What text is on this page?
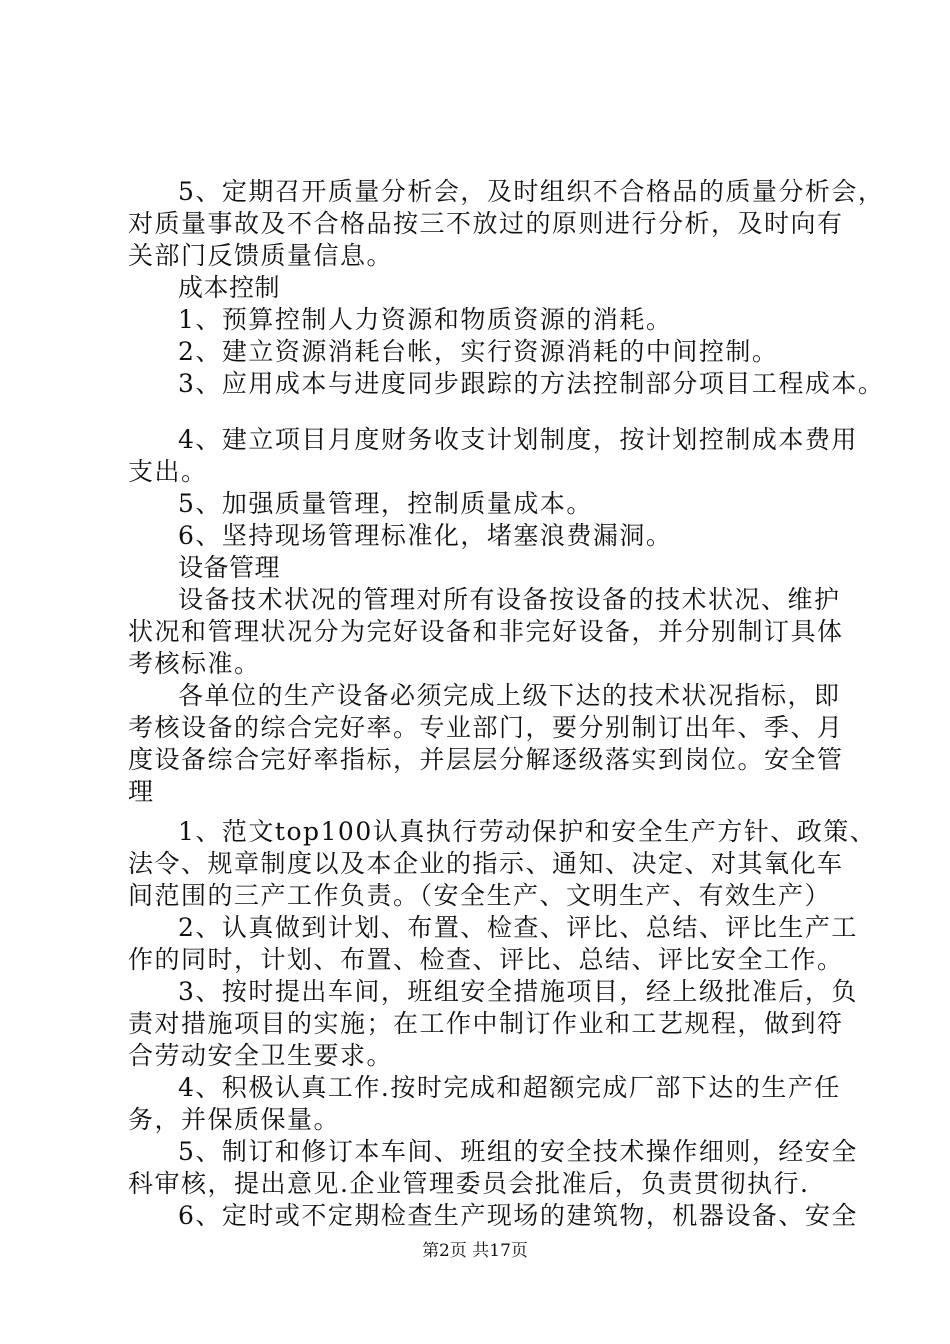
5、定期召开质量分析会，及时组织不合格品的质量分析会，
对质量事故及不合格品按三不放过的原则进行分析，及时向有
关部门反馈质量信息。
成本控制
1、预算控制人力资源和物质资源的消耗。
2、建立资源消耗台帐，实行资源消耗的中间控制。
3、应用成本与进度同步跟踪的方法控制部分项目工程成本。
4、建立项目月度财务收支计划制度，按计划控制成本费用
支出。
5、加强质量管理，控制质量成本。
6、坚持现场管理标准化，堵塞浪费漏洞。
设备管理
设备技术状况的管理对所有设备按设备的技术状况、维护
状况和管理状况分为完好设备和非完好设备，并分别制订具体
考核标准。
各单位的生产设备必须完成上级下达的技术状况指标，即
考核设备的综合完好率。专业部门，要分别制订出年、季、月
度设备综合完好率指标，并层层分解逐级落实到岗位。安全管
理
1、范文top100认真执行劳动保护和安全生产方针、政策、
法令、规章制度以及本企业的指示、通知、决定、对其氧化车
间范围的三产工作负责。（安全生产、文明生产、有效生产）
2、认真做到计划、布置、检查、评比、总结、评比生产工
作的同时，计划、布置、检查、评比、总结、评比安全工作。
3、按时提出车间，班组安全措施项目，经上级批准后，负
责对措施项目的实施；在工作中制订作业和工艺规程，做到符
合劳动安全卫生要求。
4、积极认真工作.按时完成和超额完成厂部下达的生产任
务，并保质保量。
5、制订和修订本车间、班组的安全技术操作细则，经安全
科审核，提出意见.企业管理委员会批准后，负责贯彻执行.
6、定时或不定期检查生产现场的建筑物，机器设备、安全
第2页 共17页
